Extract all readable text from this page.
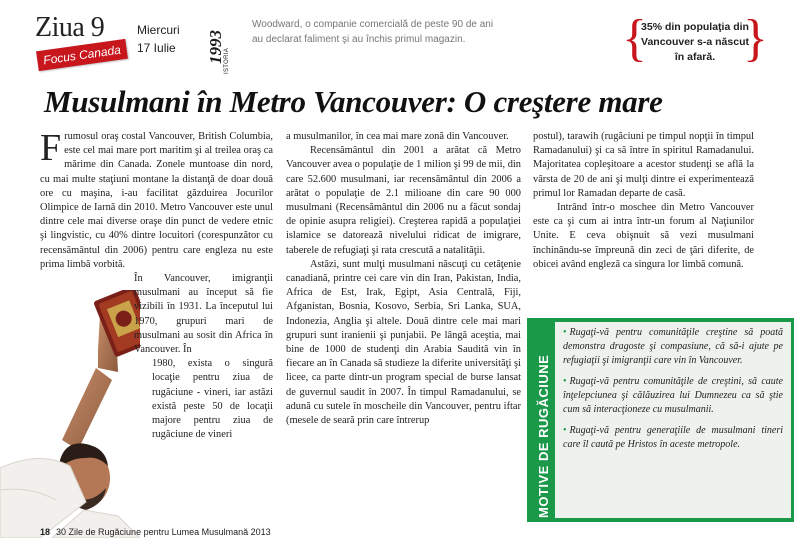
Ziua 9	Miercuri
17 Iulie
Focus Canada	1993 ISTORIA
Woodward, o companie comercială de peste 90 de ani au declarat faliment şi au închis primul magazin.	{
35% din populaţia din Vancouver s-a născut în afară. }
Musulmani în Metro Vancouver: O creştere mare

Frumosul oraş costal Vancouver, British Columbia, este cel mai mare port maritim şi al treilea oraş ca mărime din Canada. Zonele muntoase din nord, cu mai multe staţiuni montane la distanţă de doar două ore cu maşina, i-au facilitat găzduirea Jocurilor Olimpice de Iarnă din 2010. Metro Vancouver este unul dintre cele mai diverse oraşe din punct de vedere etnic şi lingvistic, cu 40% dintre locuitori (corespunzător cu recensământul din 2006) pentru care engleza nu este prima limbă vorbită.

În Vancouver, imigranţii musulmani au început să fie vizibili în 1931. La începutul lui 1970, grupuri mari de musulmani au sosit din Africa în Vancouver. În

1980, exista o singură locaţie pentru ziua de rugăciune - vineri, iar astăzi există peste 50 de locaţii majore pentru ziua de rugăciune de vineri

a musulmanilor, în cea mai mare zonă din Vancouver.

Recensământul din 2001 a arătat că Metro Vancouver avea o populaţie de 1 milion şi 99 de mii, din care 52.600 musulmani, iar recensământul din 2006 a arătat o populaţie de 2.1 milioane din care 90 000 musulmani (Recensământul din 2006 nu a făcut sondaj de opinie asupra religiei). Creşterea rapidă a populaţiei islamice se datorează nivelului ridicat de imigrare, taberele de refugiaţi şi rata crescută a natalităţii.

Astăzi, sunt mulţi musulmani născuţi cu cetăţenie canadiană, printre cei care vin din Iran, Pakistan, India, Africa de Est, Irak, Egipt, Asia Centrală, Fiji, Afganistan, Bosnia, Kosovo, Serbia, Sri Lanka, SUA, Indonezia, Anglia şi altele. Două dintre cele mai mari grupuri sunt iranienii şi punjabii. Pe lângă aceştia, mai bine de 1000 de studenţi din Arabia Saudită vin în fiecare an în Canada să studieze la diferite universităţi şi licee, ca parte dintr-un program special de burse lansat de guvernul saudit în 2007. În timpul Ramadanului, se adună cu sutele în moscheile din Vancouver, pentru iftar (mesele de seară prin care întrerup

postul), tarawih (rugăciuni pe timpul nopţii în timpul Ramadanului) şi ca să între în spiritul Ramadanului. Majoritatea copleşitoare a acestor studenţi se află la vârsta de 20 de ani şi mulţi dintre ei experimentează primul lor Ramadan departe de casă.

Intrând într-o moschee din Metro Vancouver este ca şi cum ai intra într-un forum al Naţiunilor Unite. E ceva obişnuit să vezi musulmani închinându-se împreună din zeci de ţări diferite, de obicei având engleză ca singura lor limbă comună.

MOTIVE DE RUGĂCIUNE

• Rugaţi-vă pentru comunităţile creştine să poată demonstra dragoste şi compasiune, că să-i ajute pe refugiaţii şi imigranţii care vin în Vancouver.

• Rugaţi-vă pentru comunităţile de creştini, să caute înţelepciunea şi călăuzirea lui Dumnezeu ca să ştie cum să interacţioneze cu musulmanii.

• Rugaţi-vă pentru generaţiile de musulmani tineri care îl caută pe Hristos în aceste metropole.

18 30 Zile de Rugăciune pentru Lumea Musulmană 2013
